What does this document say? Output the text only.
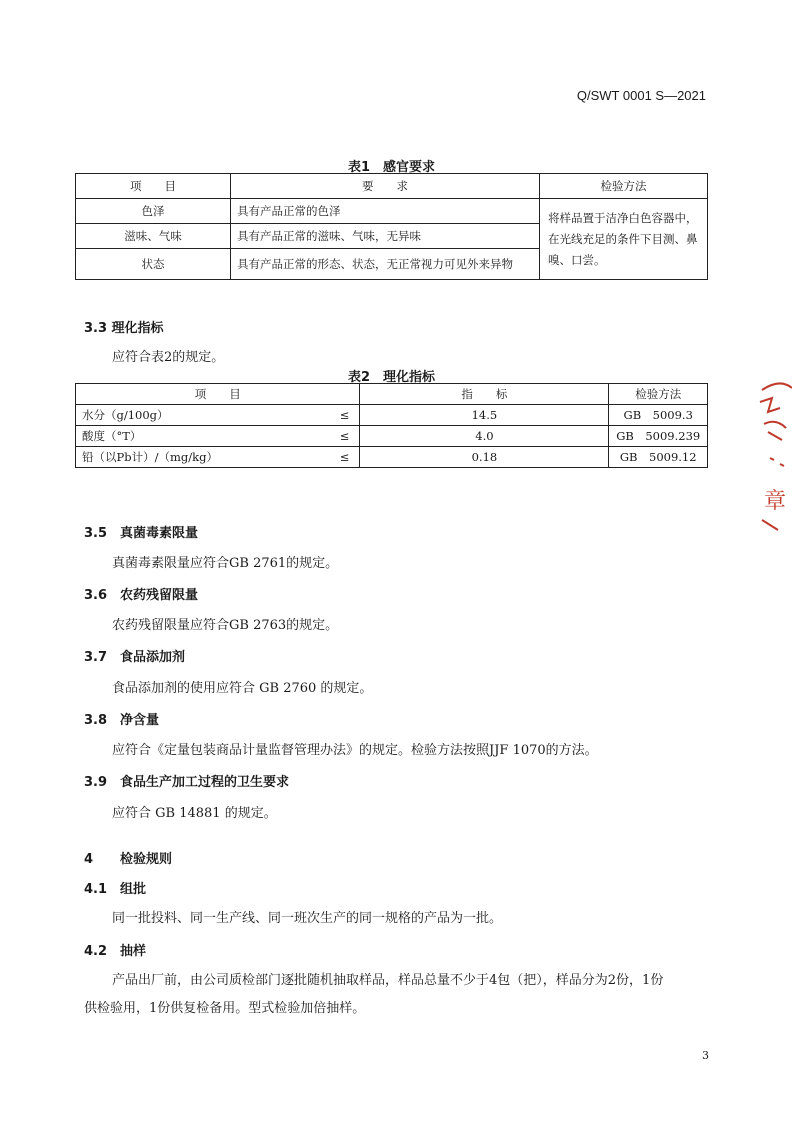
Q/SWT 0001 S—2021
表1　感官要求
项　　目	要　　求	检验方法
色泽	具有产品正常的色泽	将样品置于洁净白色容器中，
在光线充足的条件下目测、鼻
嗅、口尝。

滋味、气味	具有产品正常的滋味、气味，无异味	
状态	具有产品正常的形态、状态，无正常视力可见外来异物	
3.3 理化指标
应符合表2的规定。
表2　理化指标
项　　目		指　　标	检验方法
水分（g/100g）	≤	14.5	GB　5009.3
酸度（°T）	≤	4.0	GB　5009.239
铅（以Pb计）/（mg/kg）	≤	0.18	GB　5009.12
3.5 真菌毒素限量
真菌毒素限量应符合GB 2761的规定。
3.6 农药残留限量
农药残留限量应符合GB 2763的规定。
3.7 食品添加剂
食品添加剂的使用应符合 GB 2760 的规定。
3.8 净含量
应符合《定量包装商品计量监督管理办法》的规定。检验方法按照JJF 1070的方法。
3.9 食品生产加工过程的卫生要求
应符合 GB 14881 的规定。
4 检验规则
4.1 组批
同一批投料、同一生产线、同一班次生产的同一规格的产品为一批。
4.2 抽样
产品出厂前，由公司质检部门逐批随机抽取样品，样品总量不少于4包（把），样品分为2份，1份
供检验用，1份供复检备用。型式检验加倍抽样。
3
章
